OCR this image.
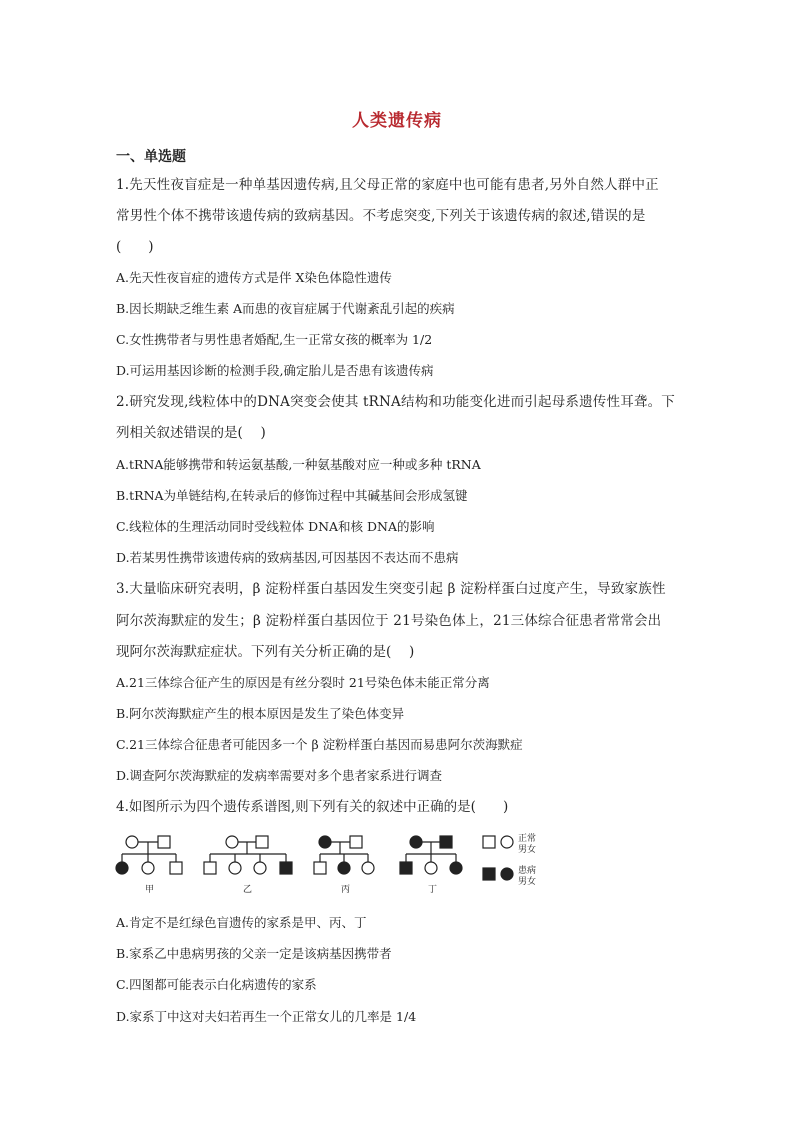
人类遗传病
一、单选题
1.先天性夜盲症是一种单基因遗传病,且父母正常的家庭中也可能有患者,另外自然人群中正
常男性个体不携带该遗传病的致病基因。不考虑突变,下列关于该遗传病的叙述,错误的是
(　　)
A.先天性夜盲症的遗传方式是伴 X染色体隐性遗传
B.因长期缺乏维生素 A而患的夜盲症属于代谢紊乱引起的疾病
C.女性携带者与男性患者婚配,生一正常女孩的概率为 1/2
D.可运用基因诊断的检测手段,确定胎儿是否患有该遗传病
2.研究发现,线粒体中的DNA突变会使其 tRNA结构和功能变化进而引起母系遗传性耳聋。下
列相关叙述错误的是(　 )
A.tRNA能够携带和转运氨基酸,一种氨基酸对应一种或多种 tRNA
B.tRNA为单链结构,在转录后的修饰过程中其碱基间会形成氢键
C.线粒体的生理活动同时受线粒体 DNA和核 DNA的影响
D.若某男性携带该遗传病的致病基因,可因基因不表达而不患病
3.大量临床研究表明，β 淀粉样蛋白基因发生突变引起 β 淀粉样蛋白过度产生，导致家族性
阿尔茨海默症的发生；β 淀粉样蛋白基因位于 21号染色体上，21三体综合征患者常常会出
现阿尔茨海默症症状。下列有关分析正确的是(　 )
A.21三体综合征产生的原因是有丝分裂时 21号染色体未能正常分离
B.阿尔茨海默症产生的根本原因是发生了染色体变异
C.21三体综合征患者可能因多一个 β 淀粉样蛋白基因而易患阿尔茨海默症
D.调查阿尔茨海默症的发病率需要对多个患者家系进行调查
4.如图所示为四个遗传系谱图,则下列有关的叙述中正确的是(　　)
甲	乙	丙	丁
正常
男女
患病
男女
A.肯定不是红绿色盲遗传的家系是甲、丙、丁
B.家系乙中患病男孩的父亲一定是该病基因携带者
C.四图都可能表示白化病遗传的家系
D.家系丁中这对夫妇若再生一个正常女儿的几率是 1/4
